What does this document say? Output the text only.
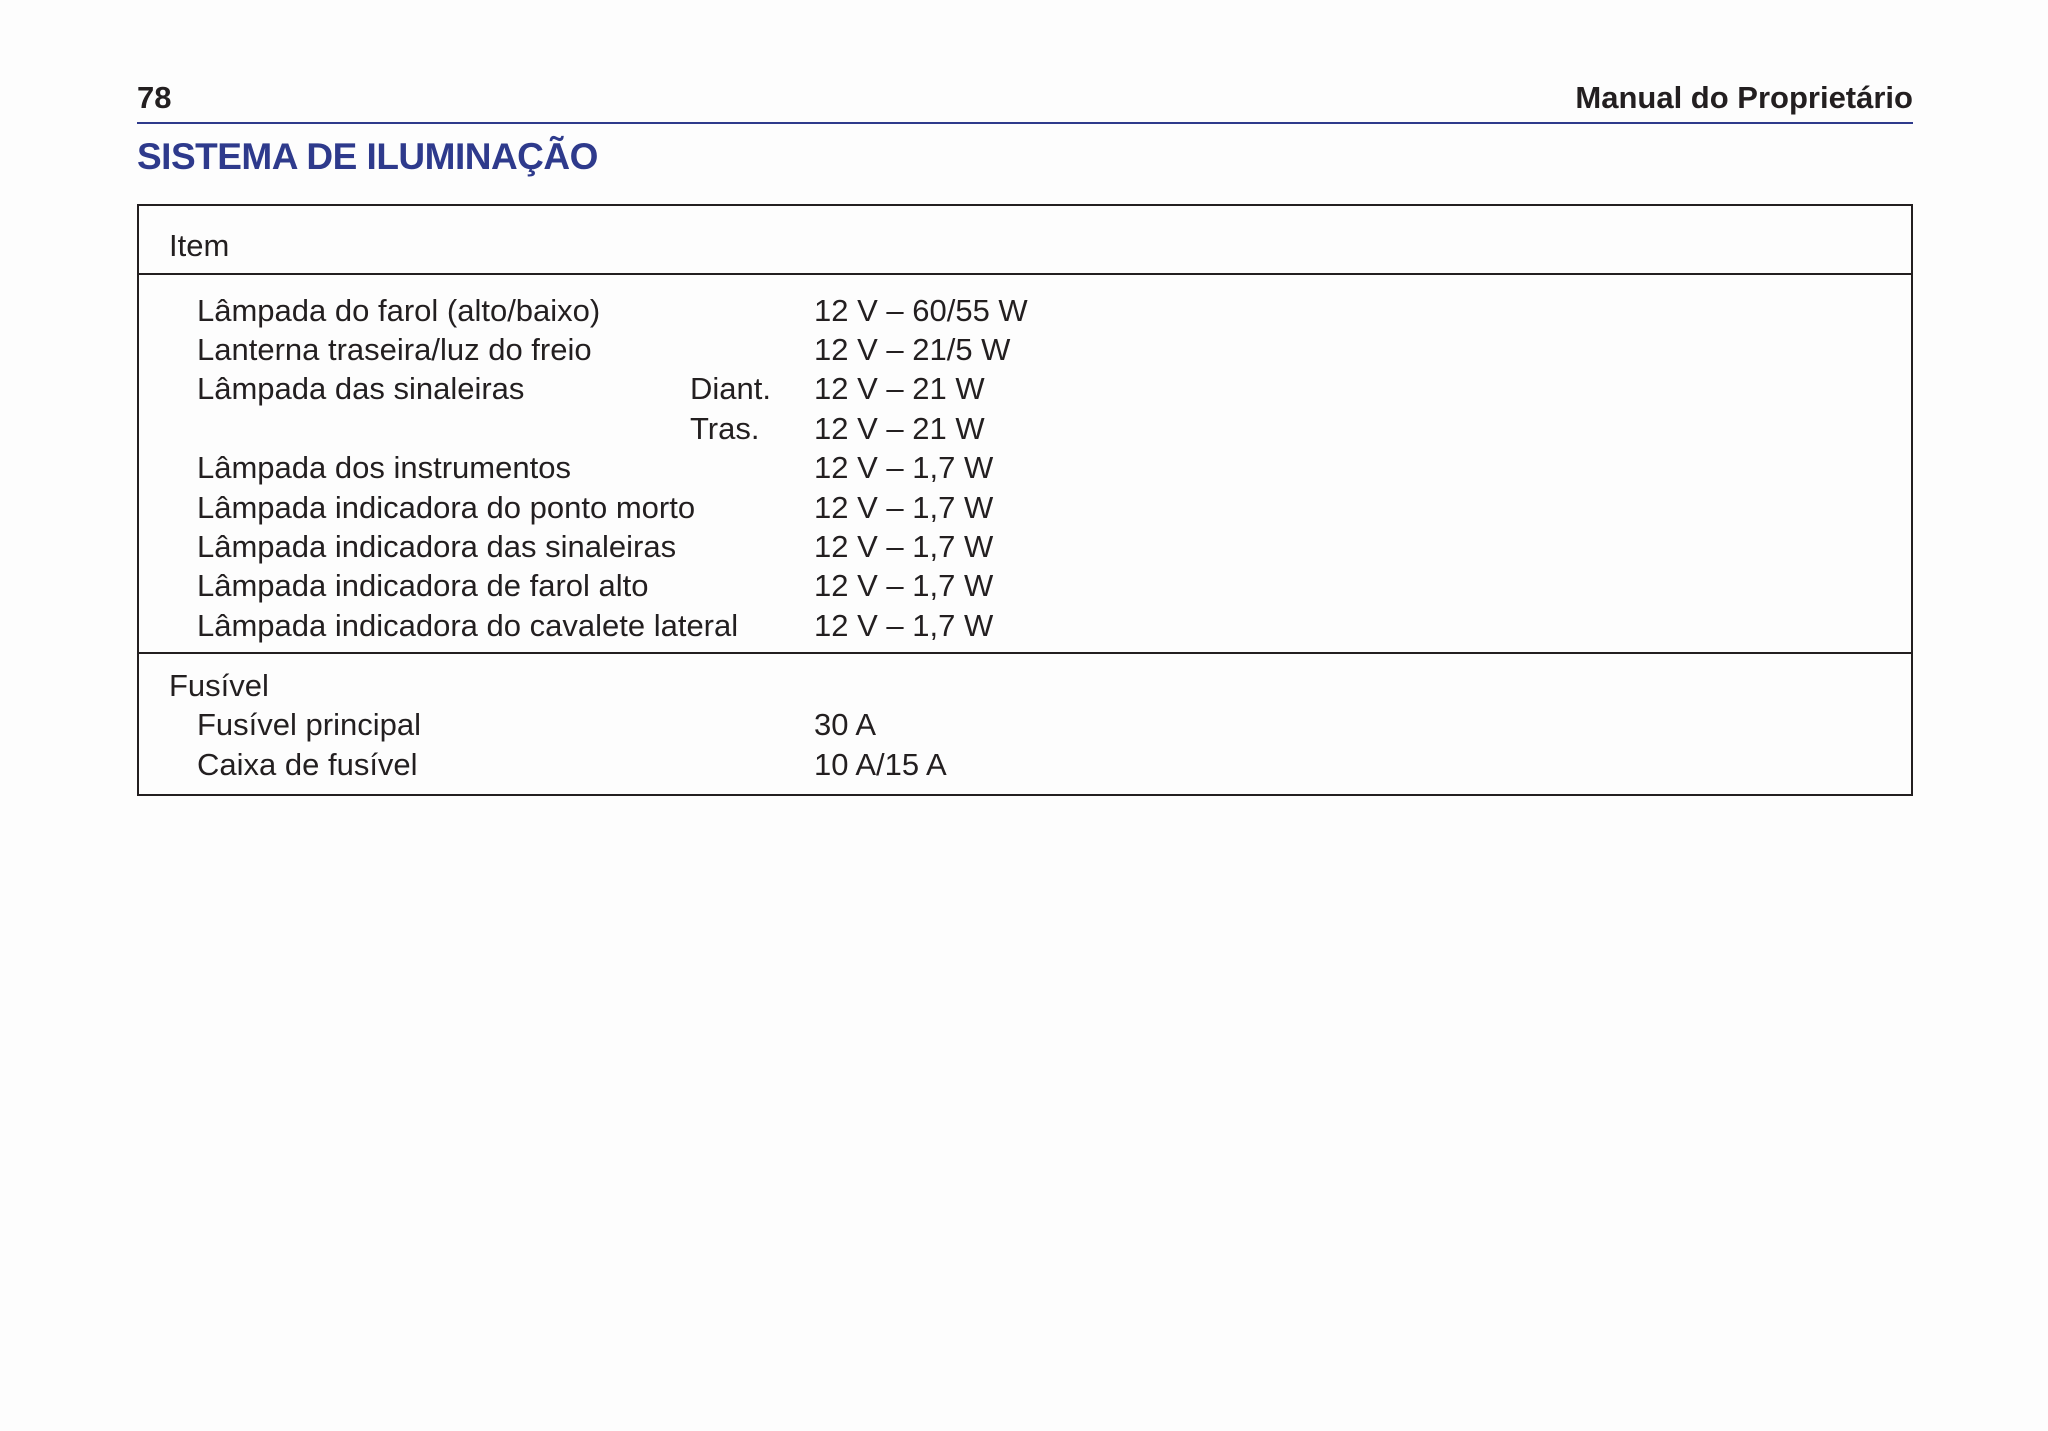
78	Manual do Proprietário
SISTEMA DE ILUMINAÇÃO
Item
Lâmpada do farol (alto/baixo)	12 V – 60/55 W
Lanterna traseira/luz do freio	12 V – 21/5 W
Lâmpada das sinaleiras	Diant. 12 V – 21 W
Tras. 12 V – 21 W
Lâmpada dos instrumentos	12 V – 1,7 W
Lâmpada indicadora do ponto morto	12 V – 1,7 W
Lâmpada indicadora das sinaleiras	12 V – 1,7 W
Lâmpada indicadora de farol alto	12 V – 1,7 W
Lâmpada indicadora do cavalete lateral 12 V – 1,7 W
Fusível
Fusível principal	30 A
Caixa de fusível	10 A/15 A
